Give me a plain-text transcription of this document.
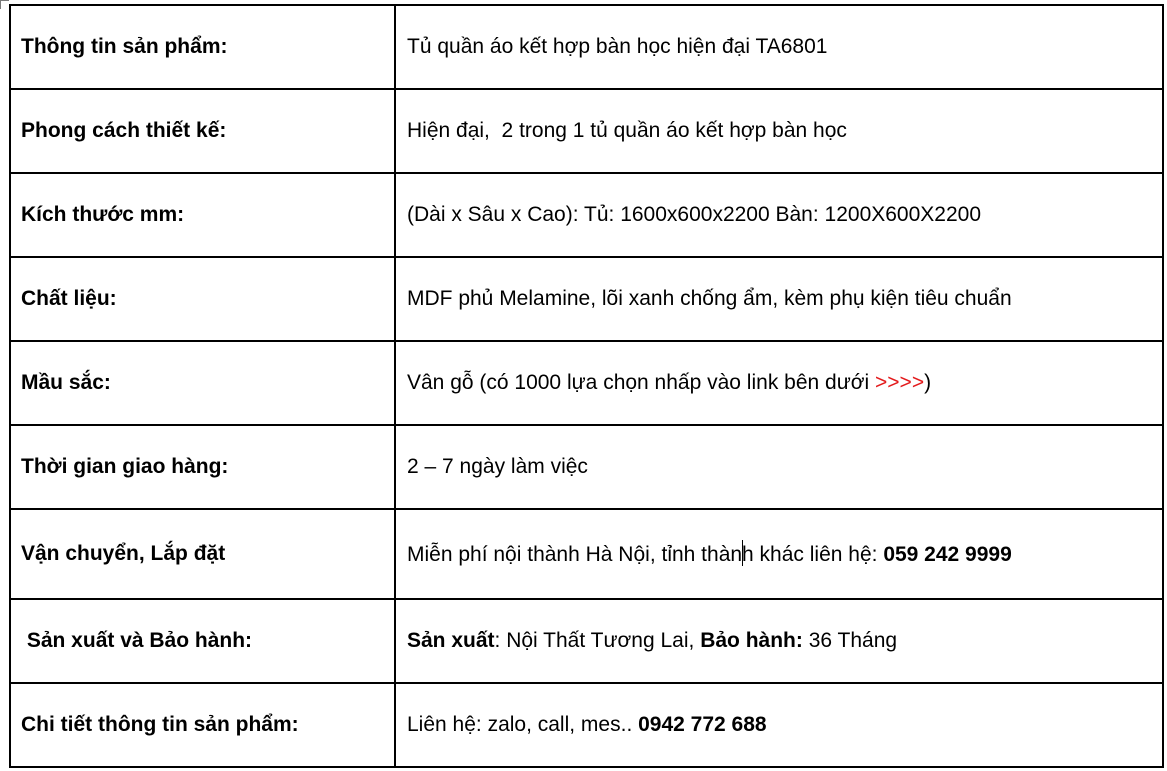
Thông tin sản phẩm:	Tủ quần áo kết hợp bàn học hiện đại TA6801
Phong cách thiết kế:	Hiện đại,  2 trong 1 tủ quần áo kết hợp bàn học
Kích thước mm:	(Dài x Sâu x Cao): Tủ: 1600x600x2200 Bàn: 1200X600X2200
Chất liệu:	MDF phủ Melamine, lõi xanh chống ẩm, kèm phụ kiện tiêu chuẩn
Mầu sắc:	Vân gỗ (có 1000 lựa chọn nhấp vào link bên dưới >>>>)
Thời gian giao hàng:	2 – 7 ngày làm việc
Vận chuyển, Lắp đặt	Miễn phí nội thành Hà Nội, tỉnh thành khác liên hệ: 059 242 9999
Sản xuất và Bảo hành:	Sản xuất: Nội Thất Tương Lai, Bảo hành: 36 Tháng
Chi tiết thông tin sản phẩm:	Liên hệ: zalo, call, mes.. 0942 772 688
